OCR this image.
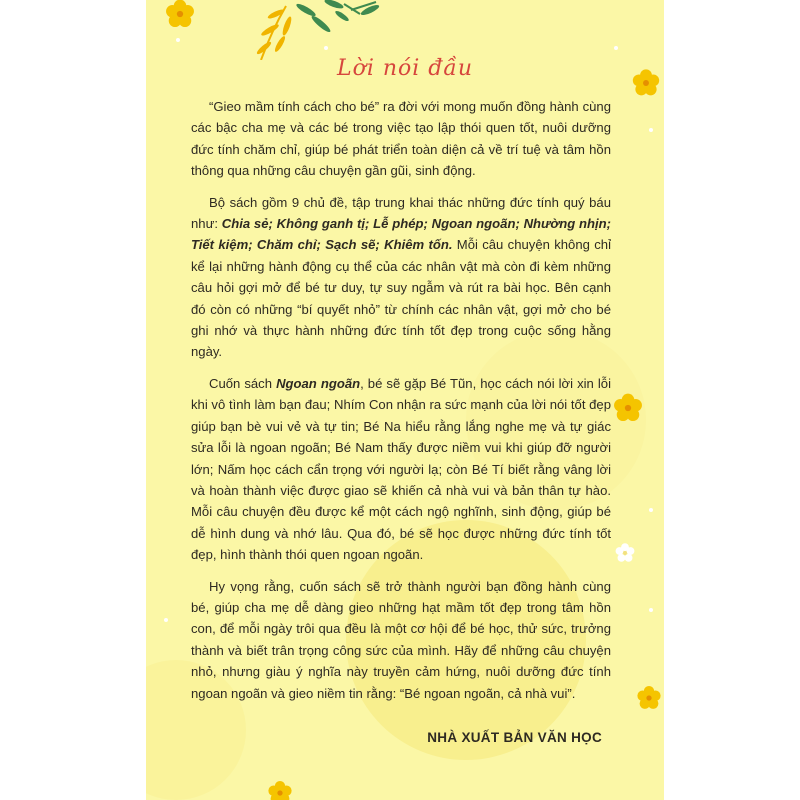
Lời nói đầu

“Gieo mầm tính cách cho bé” ra đời với mong muốn đồng hành cùng các bậc cha mẹ và các bé trong việc tạo lập thói quen tốt, nuôi dưỡng đức tính chăm chỉ, giúp bé phát triển toàn diện cả về trí tuệ và tâm hồn thông qua những câu chuyện gần gũi, sinh động.

Bộ sách gồm 9 chủ đề, tập trung khai thác những đức tính quý báu như: Chia sẻ; Không ganh tị; Lễ phép; Ngoan ngoãn; Nhường nhịn; Tiết kiệm; Chăm chỉ; Sạch sẽ; Khiêm tốn. Mỗi câu chuyện không chỉ kể lại những hành động cụ thể của các nhân vật mà còn đi kèm những câu hỏi gợi mở để bé tư duy, tự suy ngẫm và rút ra bài học. Bên cạnh đó còn có những “bí quyết nhỏ” từ chính các nhân vật, gợi mở cho bé ghi nhớ và thực hành những đức tính tốt đẹp trong cuộc sống hằng ngày.

Cuốn sách Ngoan ngoãn, bé sẽ gặp Bé Tũn, học cách nói lời xin lỗi khi vô tình làm bạn đau; Nhím Con nhận ra sức mạnh của lời nói tốt đẹp giúp bạn bè vui vẻ và tự tin; Bé Na hiểu rằng lắng nghe mẹ và tự giác sửa lỗi là ngoan ngoãn; Bé Nam thấy được niềm vui khi giúp đỡ người lớn; Nấm học cách cẩn trọng với người lạ; còn Bé Tí biết rằng vâng lời và hoàn thành việc được giao sẽ khiến cả nhà vui và bản thân tự hào. Mỗi câu chuyện đều được kể một cách ngộ nghĩnh, sinh động, giúp bé dễ hình dung và nhớ lâu. Qua đó, bé sẽ học được những đức tính tốt đẹp, hình thành thói quen ngoan ngoãn.

Hy vọng rằng, cuốn sách sẽ trở thành người bạn đồng hành cùng bé, giúp cha mẹ dễ dàng gieo những hạt mầm tốt đẹp trong tâm hồn con, để mỗi ngày trôi qua đều là một cơ hội để bé học, thử sức, trưởng thành và biết trân trọng công sức của mình. Hãy để những câu chuyện nhỏ, nhưng giàu ý nghĩa này truyền cảm hứng, nuôi dưỡng đức tính ngoan ngoãn và gieo niềm tin rằng: “Bé ngoan ngoãn, cả nhà vui”.

NHÀ XUẤT BẢN VĂN HỌC
